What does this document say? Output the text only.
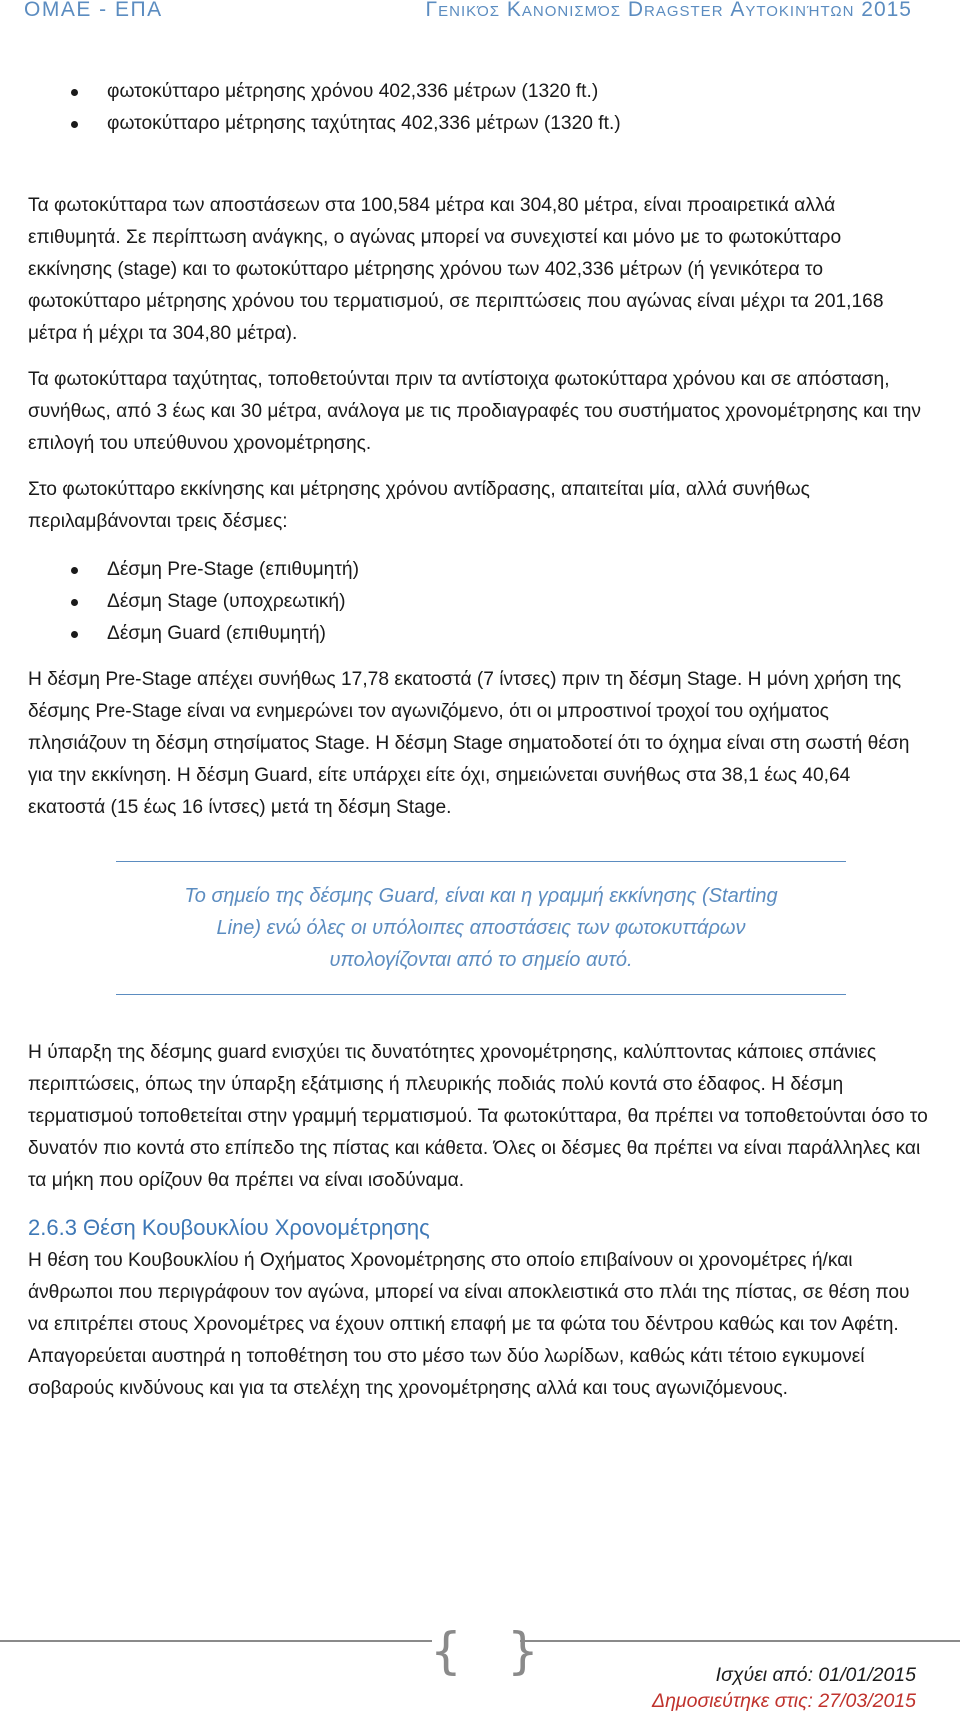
ΟΜΑΕ - ΕΠΑ	Γενικός Κανονισμός Dragster Αυτοκινήτων 2015
φωτοκύτταρο μέτρησης χρόνου 402,336 μέτρων (1320 ft.)
φωτοκύτταρο μέτρησης ταχύτητας 402,336 μέτρων (1320 ft.)

Τα φωτοκύτταρα των αποστάσεων στα 100,584 μέτρα και 304,80 μέτρα, είναι προαιρετικά αλλά επιθυμητά. Σε περίπτωση ανάγκης, ο αγώνας μπορεί να συνεχιστεί και μόνο με το φωτοκύτταρο εκκίνησης (stage) και το φωτοκύτταρο μέτρησης χρόνου των 402,336 μέτρων (ή γενικότερα το φωτοκύτταρο μέτρησης χρόνου του τερματισμού, σε περιπτώσεις που αγώνας είναι μέχρι τα 201,168 μέτρα ή μέχρι τα 304,80 μέτρα).

Τα φωτοκύτταρα ταχύτητας, τοποθετούνται πριν τα αντίστοιχα φωτοκύτταρα χρόνου και σε απόσταση, συνήθως, από 3 έως και 30 μέτρα, ανάλογα με τις προδιαγραφές του συστήματος χρονομέτρησης και την επιλογή του υπεύθυνου χρονομέτρησης.

Στο φωτοκύτταρο εκκίνησης και μέτρησης χρόνου αντίδρασης, απαιτείται μία, αλλά συνήθως περιλαμβάνονται τρεις δέσμες:

Δέσμη Pre-Stage (επιθυμητή)
Δέσμη Stage (υποχρεωτική)
Δέσμη Guard (επιθυμητή)

Η δέσμη Pre-Stage απέχει συνήθως 17,78 εκατοστά (7 ίντσες) πριν τη δέσμη Stage. Η μόνη χρήση της δέσμης Pre-Stage είναι να ενημερώνει τον αγωνιζόμενο, ότι οι μπροστινοί τροχοί του οχήματος πλησιάζουν τη δέσμη στησίματος Stage. Η δέσμη Stage σηματοδοτεί ότι το όχημα είναι στη σωστή θέση για την εκκίνηση. Η δέσμη Guard, είτε υπάρχει είτε όχι, σημειώνεται συνήθως στα 38,1 έως 40,64 εκατοστά (15 έως 16 ίντσες) μετά τη δέσμη Stage.

Το σημείο της δέσμης Guard, είναι και η γραμμή εκκίνησης (Starting
Line) ενώ όλες οι υπόλοιπες αποστάσεις των φωτοκυττάρων
υπολογίζονται από το σημείο αυτό.

Η ύπαρξη της δέσμης guard ενισχύει τις δυνατότητες χρονομέτρησης, καλύπτοντας κάποιες σπάνιες περιπτώσεις, όπως την ύπαρξη εξάτμισης ή πλευρικής ποδιάς πολύ κοντά στο έδαφος. Η δέσμη τερματισμού τοποθετείται στην γραμμή τερματισμού. Τα φωτοκύτταρα, θα πρέπει να τοποθετούνται όσο το δυνατόν πιο κοντά στο επίπεδο της πίστας και κάθετα. Όλες οι δέσμες θα πρέπει να είναι παράλληλες και τα μήκη που ορίζουν θα πρέπει να είναι ισοδύναμα.

2.6.3 Θέση Κουβουκλίου Χρονομέτρησης

Η θέση του Κουβουκλίου ή Οχήματος Χρονομέτρησης στο οποίο επιβαίνουν οι χρονομέτρες ή/και άνθρωποι που περιγράφουν τον αγώνα, μπορεί να είναι αποκλειστικά στο πλάι της πίστας, σε θέση που να επιτρέπει στους Χρονομέτρες να έχουν οπτική επαφή με τα φώτα του δέντρου καθώς και τον Αφέτη. Απαγορεύεται αυστηρά η τοποθέτηση του στο μέσο των δύο λωρίδων, καθώς κάτι τέτοιο εγκυμονεί σοβαρούς κινδύνους και για τα στελέχη της χρονομέτρησης αλλά και τους αγωνιζόμενους.

{ }	Ισχύει από: 01/01/2015
Δημοσιεύτηκε στις: 27/03/2015
